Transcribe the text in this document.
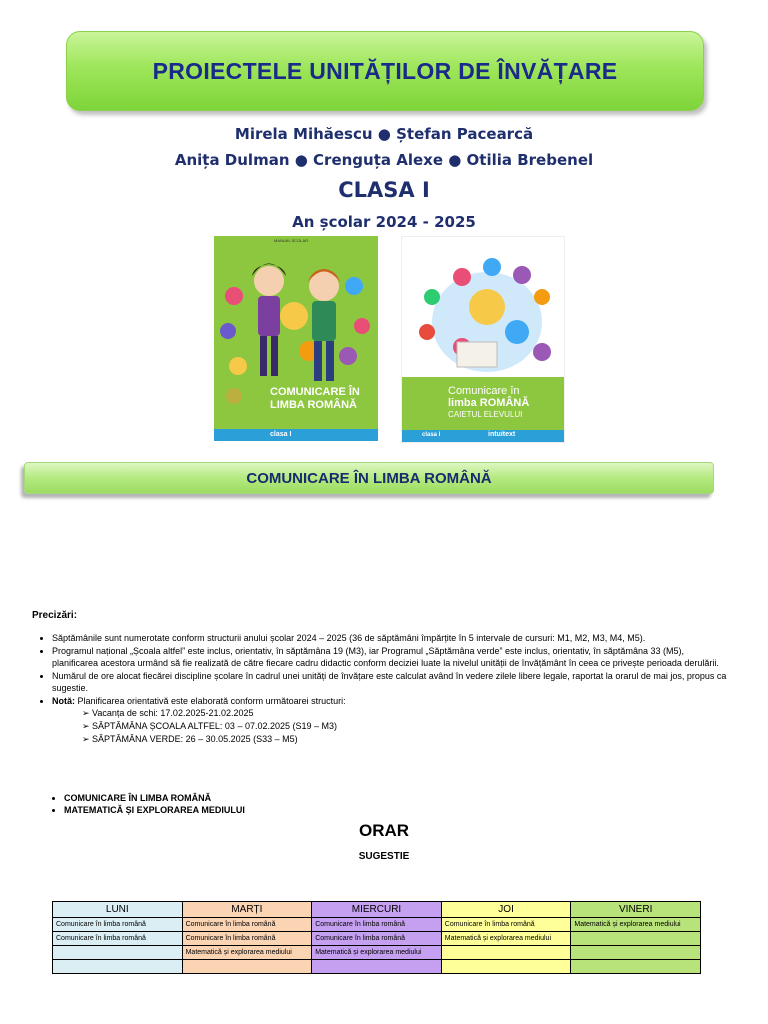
PROIECTELE UNITĂȚILOR DE ÎNVĂȚARE
Mirela Mihăescu ● Ștefan Pacearcă
Anița Dulman ● Crenguța Alexe ● Otilia Brebenel
CLASA I
An școlar 2024 - 2025
COMUNICARE ÎN
LIMBA ROMÂNĂ
MANUAL ȘCOLAR
clasa I
Comunicare în
limba ROMÂNĂ
CAIETUL ELEVULUI
clasa I	intuitext
COMUNICARE ÎN LIMBA ROMÂNĂ
Precizări:
• Săptămânile sunt numerotate conform structurii anului școlar 2024 – 2025 (36 de săptămâni împărțite în 5 intervale de cursuri: M1, M2, M3, M4, M5).
• Programul național „Școala altfel” este inclus, orientativ, în săptămâna 19 (M3), iar Programul „Săptămâna verde” este inclus, orientativ, în săptămâna 33 (M5), planificarea acestora urmând să fie realizată de către fiecare cadru didactic conform deciziei luate la nivelul unității de învățământ în ceea ce privește perioada derulării.
• Numărul de ore alocat fiecărei discipline școlare în cadrul unei unități de învățare este calculat având în vedere zilele libere legale, raportat la orarul de mai jos, propus ca sugestie.
• Notă: Planificarea orientativă este elaborată conform următoarei structuri:
➢ Vacanța de schi: 17.02.2025-21.02.2025
➢ SĂPTĂMÂNA ȘCOALA ALTFEL: 03 – 07.02.2025 (S19 – M3)
➢ SĂPTĂMÂNA VERDE: 26 – 30.05.2025 (S33 – M5)
• COMUNICARE ÎN LIMBA ROMÂNĂ
• MATEMATICĂ ȘI EXPLORAREA MEDIULUI
ORAR
SUGESTIE
LUNI	MARȚI	MIERCURI	JOI	VINERI
Comunicare în limba română	Comunicare în limba română	Comunicare în limba română	Comunicare în limba română	Matematică și explorarea mediului
Comunicare în limba română	Comunicare în limba română	Comunicare în limba română	Matematică și explorarea mediului	
	Matematică și explorarea mediului	Matematică și explorarea mediului		
